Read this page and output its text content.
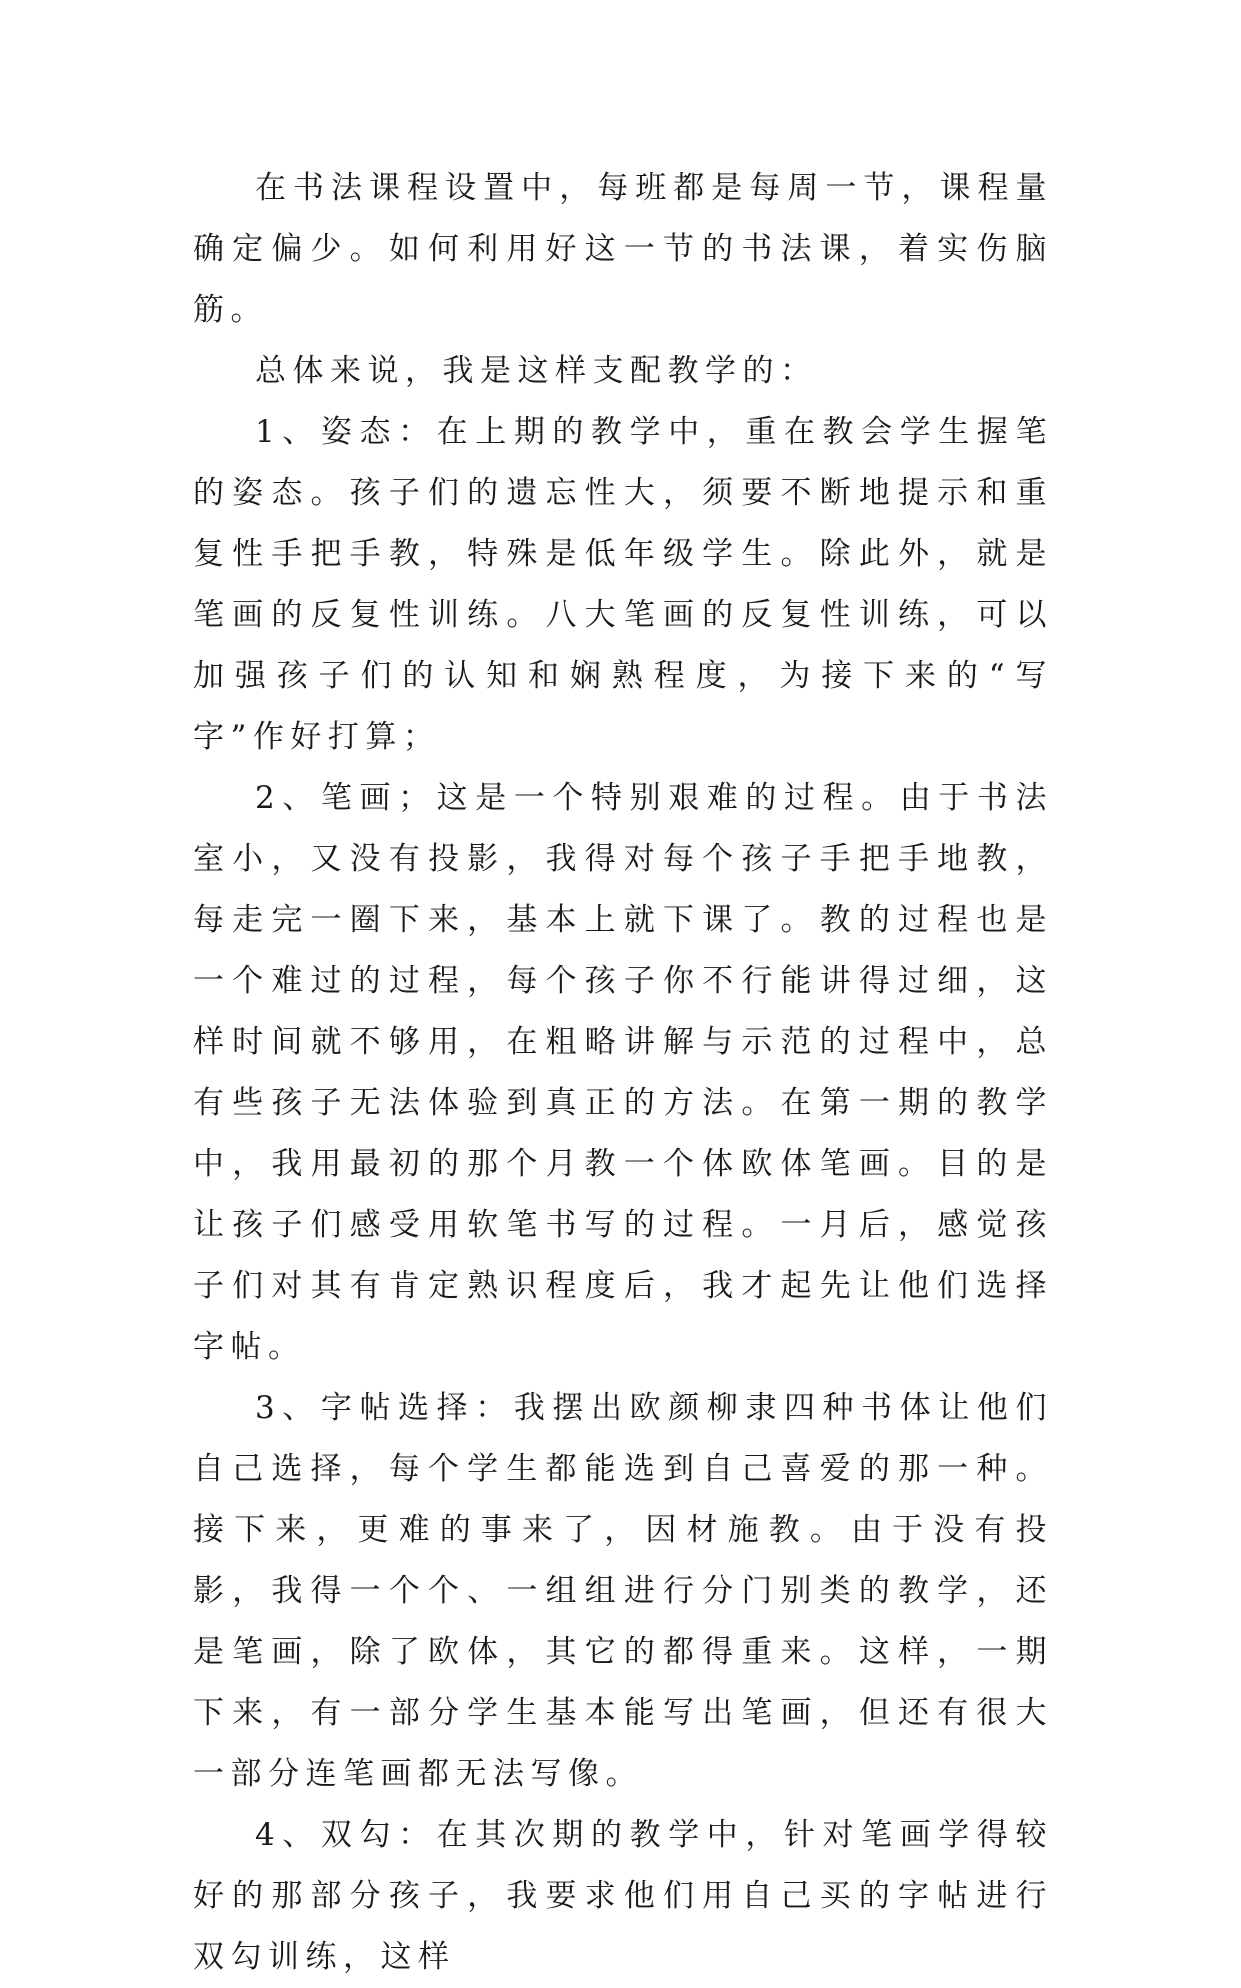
在书法课程设置中，每班都是每周一节，课程量确定偏少。如何利用好这一节的书法课，着实伤脑筋。

总体来说，我是这样支配教学的：

1、姿态：在上期的教学中，重在教会学生握笔的姿态。孩子们的遗忘性大，须要不断地提示和重复性手把手教，特殊是低年级学生。除此外，就是笔画的反复性训练。八大笔画的反复性训练，可以加强孩子们的认知和娴熟程度，为接下来的“写字”作好打算；

2、笔画；这是一个特别艰难的过程。由于书法室小，又没有投影，我得对每个孩子手把手地教，每走完一圈下来，基本上就下课了。教的过程也是一个难过的过程，每个孩子你不行能讲得过细，这样时间就不够用，在粗略讲解与示范的过程中，总有些孩子无法体验到真正的方法。在第一期的教学中，我用最初的那个月教一个体欧体笔画。目的是让孩子们感受用软笔书写的过程。一月后，感觉孩子们对其有肯定熟识程度后，我才起先让他们选择字帖。

3、字帖选择：我摆出欧颜柳隶四种书体让他们自己选择，每个学生都能选到自己喜爱的那一种。接下来，更难的事来了，因材施教。由于没有投影，我得一个个、一组组进行分门别类的教学，还是笔画，除了欧体，其它的都得重来。这样，一期下来，有一部分学生基本能写出笔画，但还有很大一部分连笔画都无法写像。

4、双勾：在其次期的教学中，针对笔画学得较好的那部分孩子，我要求他们用自己买的字帖进行双勾训练，这样
